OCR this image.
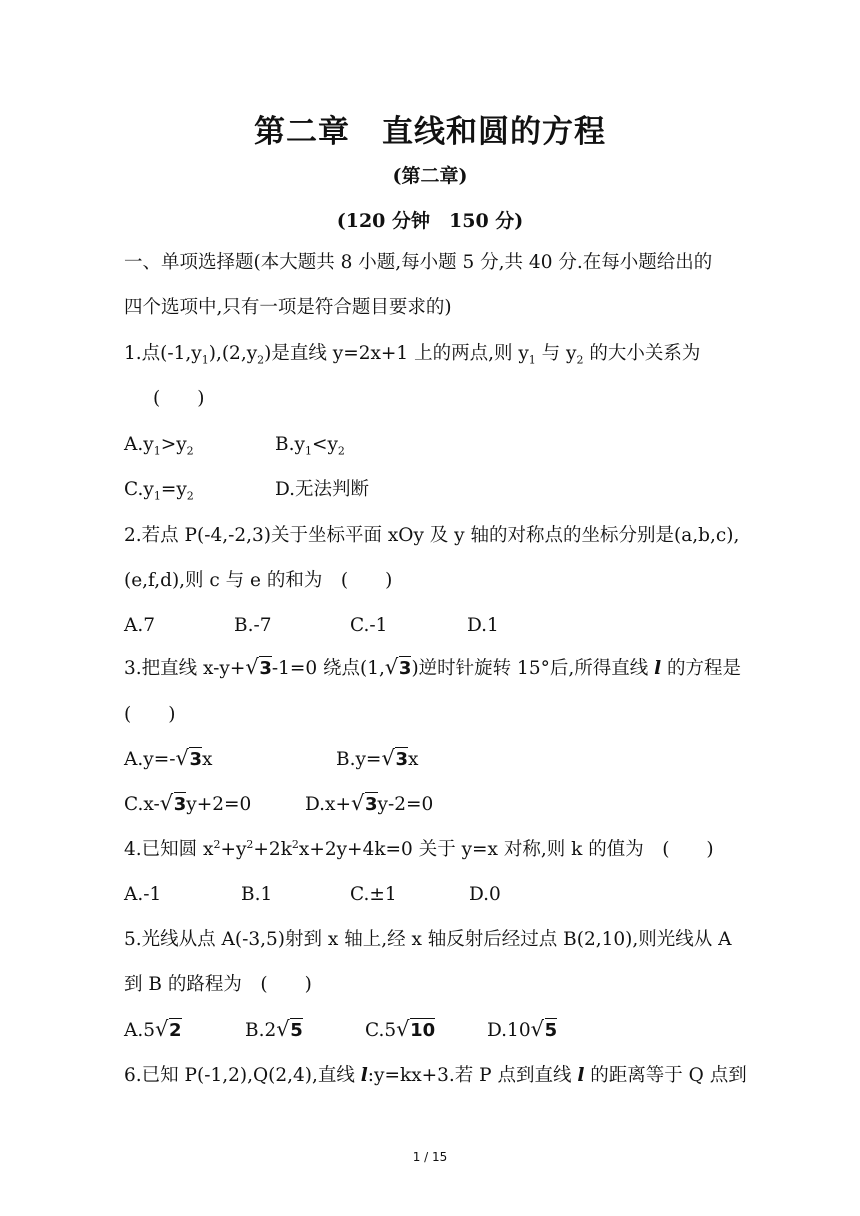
第二章　直线和圆的方程
(第二章)
(120 分钟　150 分)
一、单项选择题(本大题共 8 小题,每小题 5 分,共 40 分.在每小题给出的
四个选项中,只有一项是符合题目要求的)
1.点$(-1,y_1),(2,y_2)$是直线 y=2x+1 上的两点,则 $y_1$ 与 $y_2$ 的大小关系为
(　　)
$A.y_1>y_2$	$B.y_1<y_2$
$C.y_1=y_2$	D.无法判断
2.若点 P(-4,-2,3)关于坐标平面 xOy 及 y 轴的对称点的坐标分别是(a,b,c),
(e,f,d),则 c 与 e 的和为　(　　)
A.7	B.-7	C.-1	D.1
3.把直线 x-y+ √ 3-1=0 绕点(1, √ 3)逆时针旋转 15°后,所得直线 l 的方程是
(　　)
A.y=- √ 3x	B.y= √ 3x
C.x- √ 3y+2=0	D.x+ √ 3y-2=0
4.已知圆 $x^2+y^2+2k^2x+2y+4k=0$ 关于 y=x 对称,则 k 的值为　(　　)
A.-1	B.1	C.±1	D.0
5.光线从点 A(-3,5)射到 x 轴上,经 x 轴反射后经过点 B(2,10),则光线从 A
到 B 的路程为　(　　)
A.5 √ 2	B.2 √ 5	C.5 √ 10	D.10 √ 5
6.已知 P(-1,2),Q(2,4),直线 l:y=kx+3.若 P 点到直线 l 的距离等于 Q 点到
1 / 15
